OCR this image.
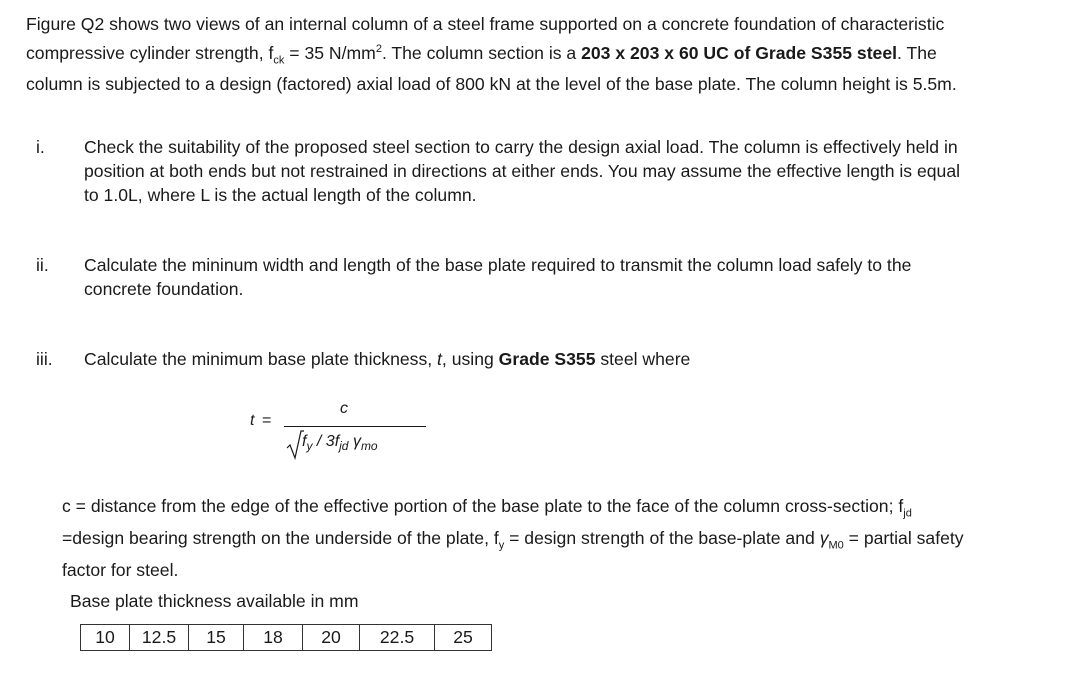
Figure Q2 shows two views of an internal column of a steel frame supported on a concrete foundation of characteristic compressive cylinder strength, $f_{ck} = 35$ $N/mm^2$. The column section is a 203 x 203 x 60 UC of Grade S355 steel. The column is subjected to a design (factored) axial load of 800 kN at the level of the base plate. The column height is 5.5m.

i.	Check the suitability of the proposed steel section to carry the design axial load. The column is effectively held in position at both ends but not restrained in directions at either ends. You may assume the effective length is equal to 1.0L, where L is the actual length of the column.
ii.	Calculate the mininum width and length of the base plate required to transmit the column load safely to the concrete foundation.
iii.	Calculate the minimum base plate thickness, t, using Grade S355 steel where
t =
c
$f_y / 3f_{jd}$ $\gamma_{mo}$

c = distance from the edge of the effective portion of the base plate to the face of the column cross-section; $f_{jd}$ =design bearing strength on the underside of the plate, $f_y$ = design strength of the base-plate and $\gamma_{M0}$ = partial safety factor for steel.

Base plate thickness available in mm
10	12.5	15	18	20	22.5	25
